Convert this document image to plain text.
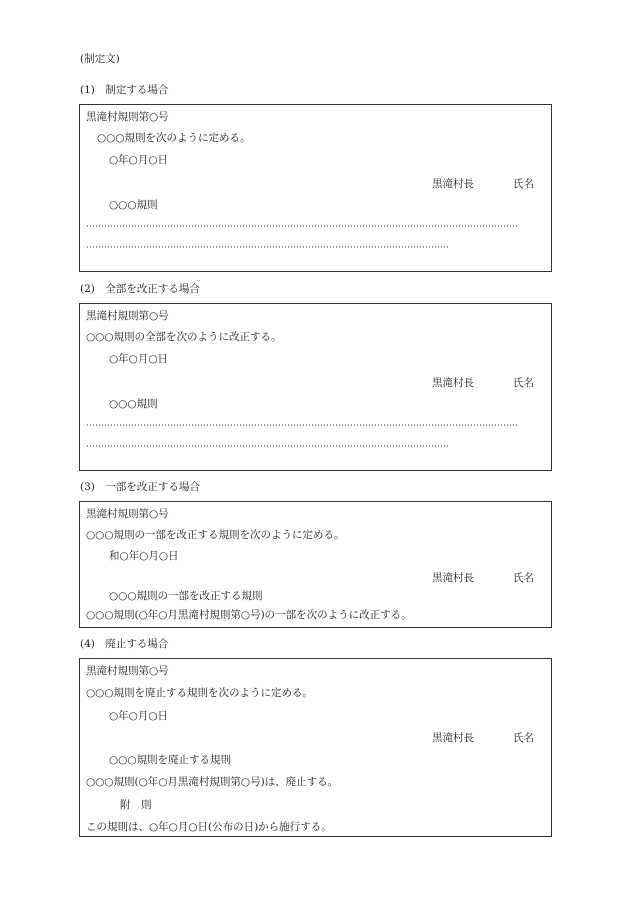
(制定文)
(1)　制定する場合
黒滝村規則第○号
○○○規則を次のように定める。
○年○月○日
黒滝村長	氏名
○○○規則
(2)　全部を改正する場合
黒滝村規則第○号
○○○規則の全部を次のように改正する。
○年○月○日
黒滝村長	氏名
○○○規則
(3)　一部を改正する場合
黒滝村規則第○号
○○○規則の一部を改正する規則を次のように定める。
和○年○月○日
黒滝村長	氏名
○○○規則の一部を改正する規則
○○○規則(○年○月黒滝村規則第○号)の一部を次のように改正する。
(4)　廃止する場合
黒滝村規則第○号
○○○規則を廃止する規則を次のように定める。
○年○月○日
黒滝村長	氏名
○○○規則を廃止する規則
○○○規則(○年○月黒滝村規則第○号)は、廃止する。
附　則
この規則は、○年○月○日(公布の日)から施行する。
